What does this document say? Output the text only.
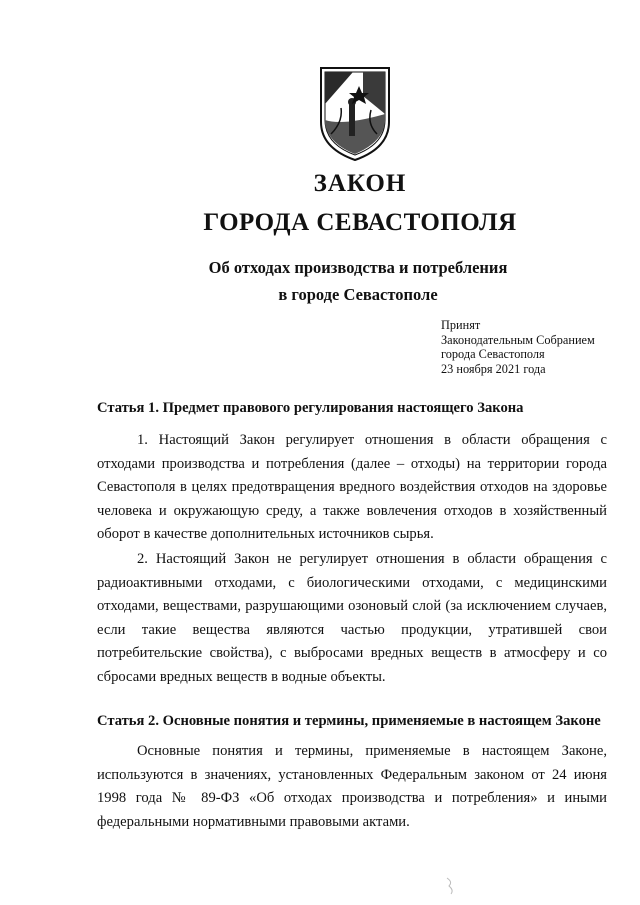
ЗАКОН
ГОРОДА СЕВАСТОПОЛЯ
Об отходах производства и потребления
в городе Севастополе
Принят
Законодательным Собранием
города Севастополя
23 ноября 2021 года
Статья 1. Предмет правового регулирования настоящего Закона

1. Настоящий Закон регулирует отношения в области обращения с отходами производства и потребления (далее – отходы) на территории города Севастополя в целях предотвращения вредного воздействия отходов на здоровье человека и окружающую среду, а также вовлечения отходов в хозяйственный оборот в качестве дополнительных источников сырья.

2. Настоящий Закон не регулирует отношения в области обращения с радиоактивными отходами, с биологическими отходами, с медицинскими отходами, веществами, разрушающими озоновый слой (за исключением случаев, если такие вещества являются частью продукции, утратившей свои потребительские свойства), с выбросами вредных веществ в атмосферу и со сбросами вредных веществ в водные объекты.

Статья 2. Основные понятия и термины, применяемые в настоящем Законе

Основные понятия и термины, применяемые в настоящем Законе, используются в значениях, установленных Федеральным законом от 24 июня 1998 года № 89-ФЗ «Об отходах производства и потребления» и иными федеральными нормативными правовыми актами.
